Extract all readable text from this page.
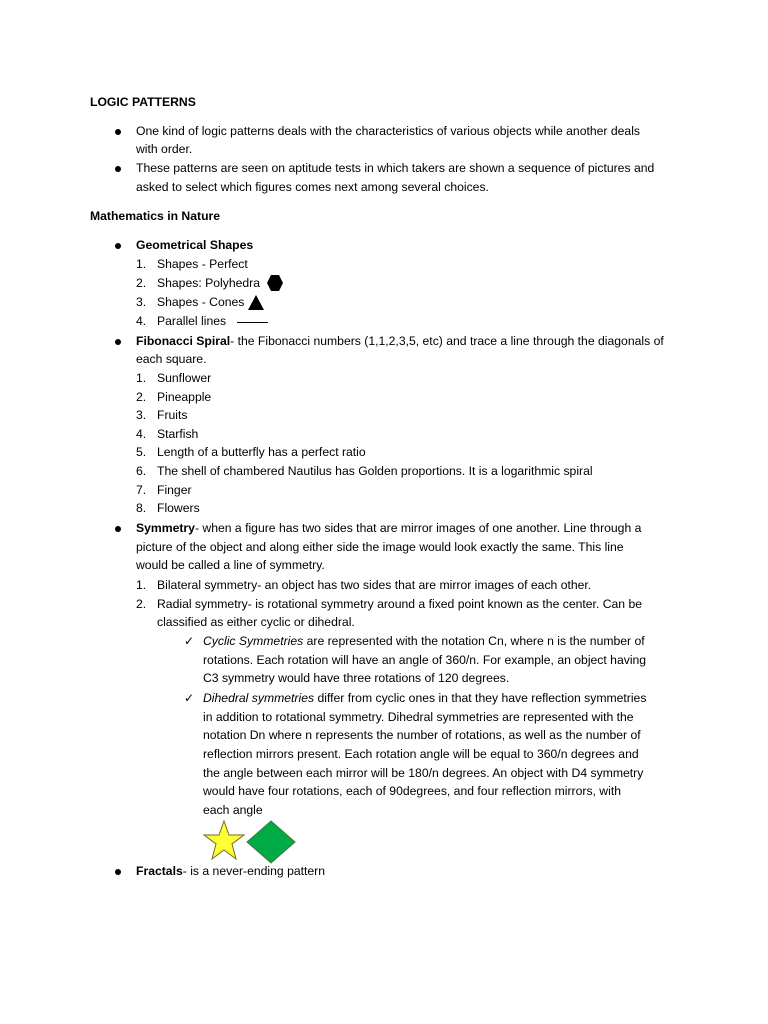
LOGIC PATTERNS
One kind of logic patterns deals with the characteristics of various objects while another deals
with order.
These patterns are seen on aptitude tests in which takers are shown a sequence of pictures and
asked to select which figures comes next among several choices.
Mathematics in Nature
Geometrical Shapes
1. Shapes - Perfect
2. Shapes: Polyhedra
3. Shapes - Cones
4. Parallel lines
Fibonacci Spiral- the Fibonacci numbers (1,1,2,3,5, etc) and trace a line through the diagonals of
each square.
1. Sunflower
2. Pineapple
3. Fruits
4. Starfish
5. Length of a butterfly has a perfect ratio
6. The shell of chambered Nautilus has Golden proportions. It is a logarithmic spiral
7. Finger
8. Flowers
Symmetry- when a figure has two sides that are mirror images of one another. Line through a
picture of the object and along either side the image would look exactly the same. This line
would be called a line of symmetry.
1. Bilateral symmetry- an object has two sides that are mirror images of each other.
2. Radial symmetry- is rotational symmetry around a fixed point known as the center. Can be
classified as either cyclic or dihedral.
✓ Cyclic Symmetries are represented with the notation Cn, where n is the number of
rotations. Each rotation will have an angle of 360/n. For example, an object having
C3 symmetry would have three rotations of 120 degrees.
✓ Dihedral symmetries differ from cyclic ones in that they have reflection symmetries
in addition to rotational symmetry. Dihedral symmetries are represented with the
notation Dn where n represents the number of rotations, as well as the number of
reflection mirrors present. Each rotation angle will be equal to 360/n degrees and
the angle between each mirror will be 180/n degrees. An object with D4 symmetry
would have four rotations, each of 90degrees, and four reflection mirrors, with
each angle
Fractals- is a never-ending pattern
